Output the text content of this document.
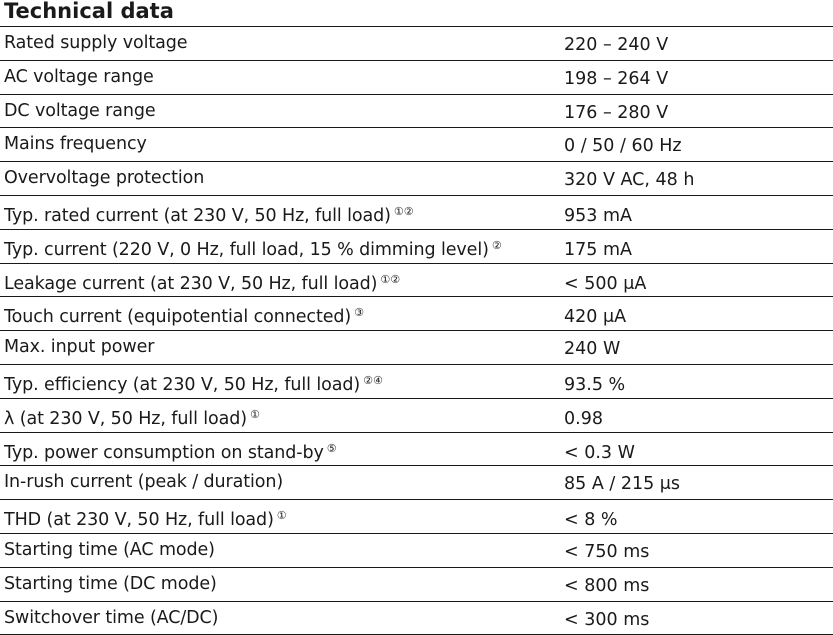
Technical data
Rated supply voltage	220 – 240 V
AC voltage range	198 – 264 V
DC voltage range	176 – 280 V
Mains frequency	0 / 50 / 60 Hz
Overvoltage protection	320 V AC, 48 h
Typ. rated current (at 230 V, 50 Hz, full load) ①②	953 mA
Typ. current (220 V, 0 Hz, full load, 15 % dimming level) ②	175 mA
Leakage current (at 230 V, 50 Hz, full load) ①②	< 500 μA
Touch current (equipotential connected) ③	420 μA
Max. input power	240 W
Typ. efficiency (at 230 V, 50 Hz, full load) ②④	93.5 %
λ (at 230 V, 50 Hz, full load) ①	0.98
Typ. power consumption on stand-by ⑤	< 0.3 W
In-rush current (peak / duration)	85 A / 215 μs
THD (at 230 V, 50 Hz, full load) ①	< 8 %
Starting time (AC mode)	< 750 ms
Starting time (DC mode)	< 800 ms
Switchover time (AC/DC)	< 300 ms
